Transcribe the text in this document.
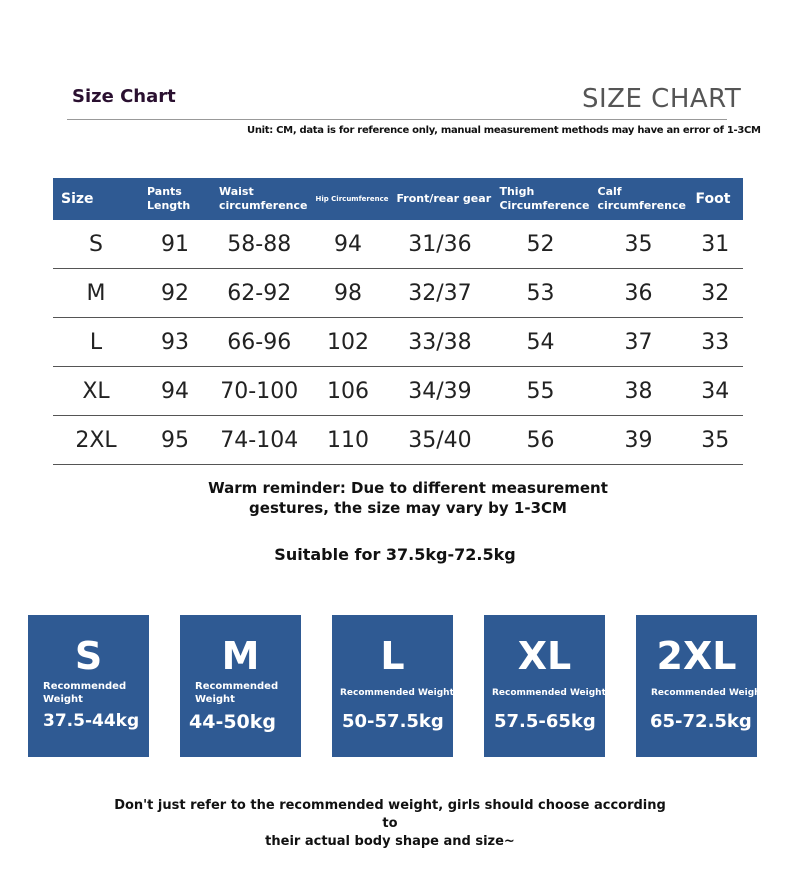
Size Chart	SIZE CHART
Unit: CM, data is for reference only, manual measurement methods may have an error of 1-3CM
Size	Pants Length	Waist circumference	Hip Circumference	Front/rear gear	Thigh Circumference	Calf circumference	Foot
S	91	58-88	94	31/36	52	35	31
M	92	62-92	98	32/37	53	36	32
L	93	66-96	102	33/38	54	37	33
XL	94	70-100	106	34/39	55	38	34
2XL	95	74-104	110	35/40	56	39	35
Warm reminder: Due to different measurement
gestures, the size may vary by 1-3CM
Suitable for 37.5kg-72.5kg
S
Recommended Weight
37.5-44kg
M
Recommended Weight
44-50kg
L
Recommended Weight
50-57.5kg
XL
Recommended Weight
57.5-65kg
2XL
Recommended Weight
65-72.5kg
Don't just refer to the recommended weight, girls should choose according to
their actual body shape and size~
